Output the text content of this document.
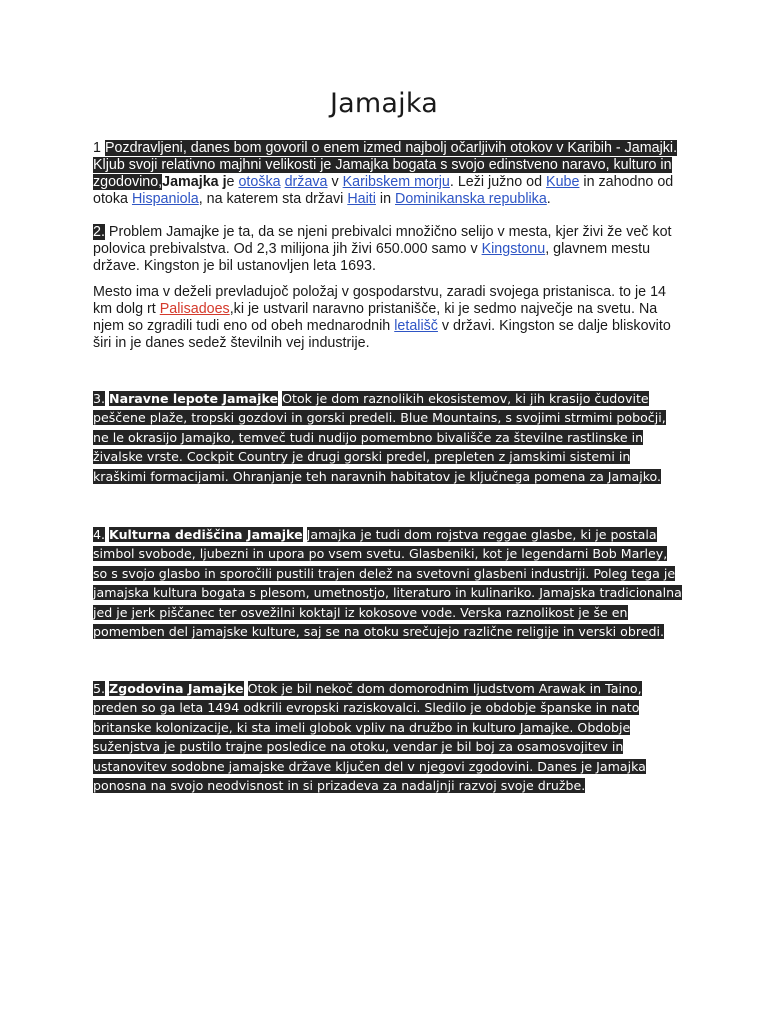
Jamajka

1 Pozdravljeni, danes bom govoril o enem izmed najbolj očarljivih otokov v Karibih - Jamajki. Kljub svoji relativno majhni velikosti je Jamajka bogata s svojo edinstveno naravo, kulturo in zgodovino,Jamajka je otoška država v Karibskem morju. Leži južno od Kube in zahodno od otoka Hispaniola, na katerem sta državi Haiti in Dominikanska republika.

2. Problem Jamajke je ta, da se njeni prebivalci množično selijo v mesta, kjer živi že več kot polovica prebivalstva. Od 2,3 milijona jih živi 650.000 samo v Kingstonu, glavnem mestu države. Kingston je bil ustanovljen leta 1693.

Mesto ima v deželi prevladujoč položaj v gospodarstvu, zaradi svojega pristanisca. to je 14 km dolg rt Palisadoes,ki je ustvaril naravno pristanišče, ki je sedmo največje na svetu. Na njem so zgradili tudi eno od obeh mednarodnih letališč v državi. Kingston se dalje bliskovito širi in je danes sedež številnih vej industrije.

3. Naravne lepote Jamajke Otok je dom raznolikih ekosistemov, ki jih krasijo čudovite peščene plaže, tropski gozdovi in gorski predeli. Blue Mountains, s svojimi strmimi pobočji, ne le okrasijo Jamajko, temveč tudi nudijo pomembno bivališče za številne rastlinske in živalske vrste. Cockpit Country je drugi gorski predel, prepleten z jamskimi sistemi in kraškimi formacijami. Ohranjanje teh naravnih habitatov je ključnega pomena za Jamajko.

4. Kulturna dediščina Jamajke Jamajka je tudi dom rojstva reggae glasbe, ki je postala simbol svobode, ljubezni in upora po vsem svetu. Glasbeniki, kot je legendarni Bob Marley, so s svojo glasbo in sporočili pustili trajen delež na svetovni glasbeni industriji. Poleg tega je jamajska kultura bogata s plesom, umetnostjo, literaturo in kulinariko. Jamajska tradicionalna jed je jerk piščanec ter osvežilni koktajl iz kokosove vode. Verska raznolikost je še en pomemben del jamajske kulture, saj se na otoku srečujejo različne religije in verski obredi.

5. Zgodovina Jamajke Otok je bil nekoč dom domorodnim ljudstvom Arawak in Taino, preden so ga leta 1494 odkrili evropski raziskovalci. Sledilo je obdobje španske in nato britanske kolonizacije, ki sta imeli globok vpliv na družbo in kulturo Jamajke. Obdobje suženjstva je pustilo trajne posledice na otoku, vendar je bil boj za osamosvojitev in ustanovitev sodobne jamajske države ključen del v njegovi zgodovini. Danes je Jamajka ponosna na svojo neodvisnost in si prizadeva za nadaljnji razvoj svoje družbe.
